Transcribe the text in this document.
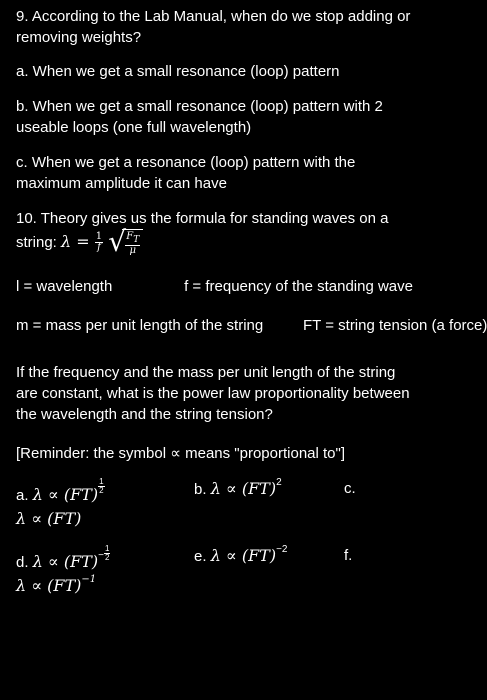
9. According to the Lab Manual, when do we stop adding or removing weights?
a. When we get a small resonance (loop) pattern
b. When we get a small resonance (loop) pattern with 2 useable loops (one full wavelength)
c. When we get a resonance (loop) pattern with the maximum amplitude it can have
10. Theory gives us the formula for standing waves on a string: $\lambda = \frac{1}{f}$
√ $\frac{FT}{\mu}$
l = wavelength	f = frequency of the standing wave
m = mass per unit length of the string	FT = string tension (a force)
If the frequency and the mass per unit length of the string are constant, what is the power law proportionality between the wavelength and the string tension?
[Reminder: the symbol ∝ means "proportional to"]
a. $\lambda \propto (FT) \frac{1}{2}$	b. λ ∝ (FT)$^2$	c.
λ ∝ (FT)
d. $\lambda \propto (FT)^- \frac{1}{2}$	e. λ ∝ (FT)$^{-2}$	f.
λ ∝ (FT)$^{-1}$
